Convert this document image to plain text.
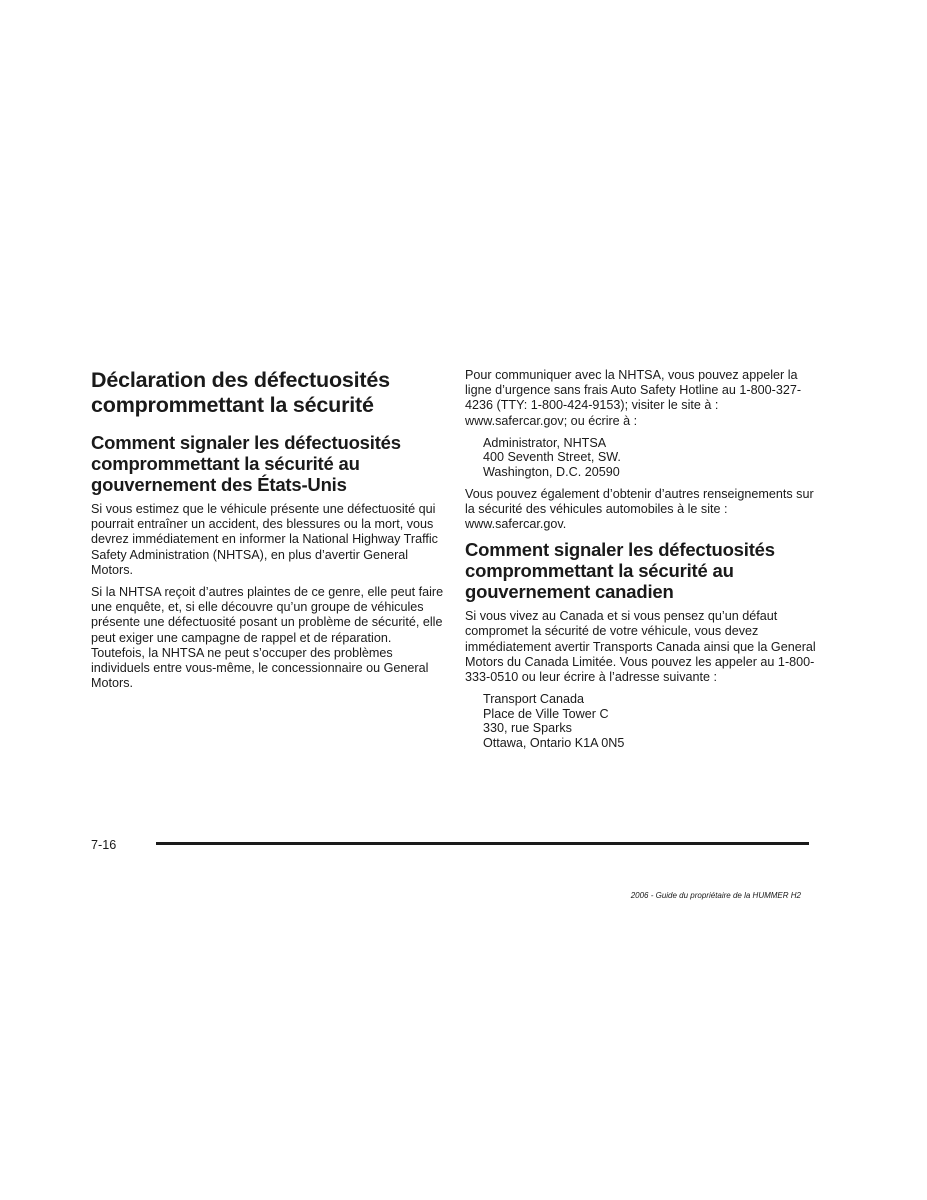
Déclaration des défectuosités comprommettant la sécurité
Comment signaler les défectuosités comprommettant la sécurité au gouvernement des États-Unis

Si vous estimez que le véhicule présente une défectuosité qui pourrait entraîner un accident, des blessures ou la mort, vous devrez immédiatement en informer la National Highway Traffic Safety Administration (NHTSA), en plus d’avertir General Motors.

Si la NHTSA reçoit d’autres plaintes de ce genre, elle peut faire une enquête, et, si elle découvre qu’un groupe de véhicules présente une défectuosité posant un problème de sécurité, elle peut exiger une campagne de rappel et de réparation. Toutefois, la NHTSA ne peut s’occuper des problèmes individuels entre vous-même, le concessionnaire ou General Motors.

Pour communiquer avec la NHTSA, vous pouvez appeler la ligne d’urgence sans frais Auto Safety Hotline au 1-800-327-4236 (TTY: 1-800-424-9153); visiter le site à : www.safercar.gov; ou écrire à :

Administrator, NHTSA
400 Seventh Street, SW.
Washington, D.C. 20590

Vous pouvez également d’obtenir d’autres renseignements sur la sécurité des véhicules automobiles à le site : www.safercar.gov.

Comment signaler les défectuosités comprommettant la sécurité au gouvernement canadien

Si vous vivez au Canada et si vous pensez qu’un défaut compromet la sécurité de votre véhicule, vous devez immédiatement avertir Transports Canada ainsi que la General Motors du Canada Limitée. Vous pouvez les appeler au 1-800-333-0510 ou leur écrire à l’adresse suivante :

Transport Canada
Place de Ville Tower C
330, rue Sparks
Ottawa, Ontario K1A 0N5
7-16
2006 - Guide du propriétaire de la HUMMER H2
